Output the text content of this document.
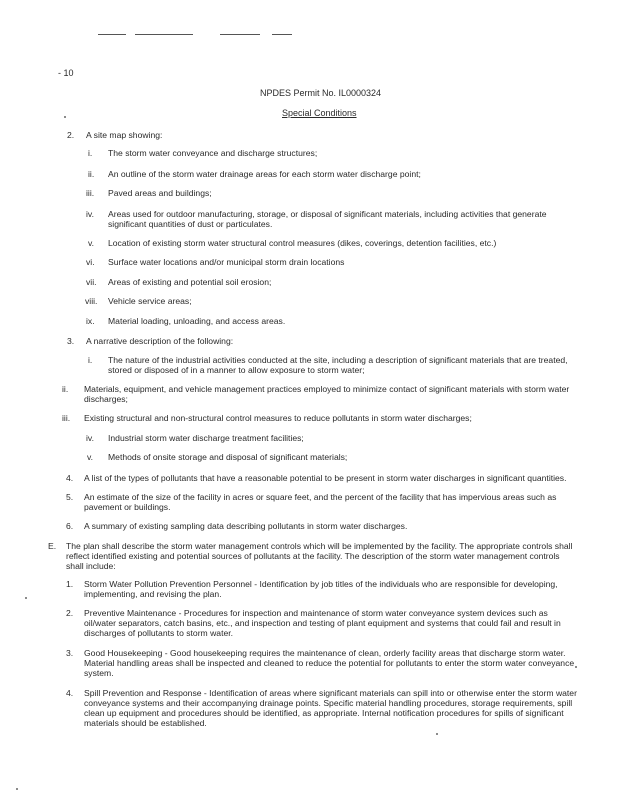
- 10
NPDES Permit No. IL0000324
Special Conditions
2. A site map showing:
i. The storm water conveyance and discharge structures;
ii. An outline of the storm water drainage areas for each storm water discharge point;
iii. Paved areas and buildings;
iv. Areas used for outdoor manufacturing, storage, or disposal of significant materials, including activities that generate
significant quantities of dust or particulates.
v. Location of existing storm water structural control measures (dikes, coverings, detention facilities, etc.)
vi. Surface water locations and/or municipal storm drain locations
vii. Areas of existing and potential soil erosion;
viii. Vehicle service areas;
ix. Material loading, unloading, and access areas.
3. A narrative description of the following:
i. The nature of the industrial activities conducted at the site, including a description of significant materials that are treated,
stored or disposed of in a manner to allow exposure to storm water;
ii. Materials, equipment, and vehicle management practices employed to minimize contact of significant materials with storm water
discharges;
iii. Existing structural and non-structural control measures to reduce pollutants in storm water discharges;
iv. Industrial storm water discharge treatment facilities;
v. Methods of onsite storage and disposal of significant materials;
4. A list of the types of pollutants that have a reasonable potential to be present in storm water discharges in significant quantities.
5. An estimate of the size of the facility in acres or square feet, and the percent of the facility that has impervious areas such as
pavement or buildings.
6. A summary of existing sampling data describing pollutants in storm water discharges.
E. The plan shall describe the storm water management controls which will be implemented by the facility. The appropriate controls shall
reflect identified existing and potential sources of pollutants at the facility. The description of the storm water management controls
shall include:
1. Storm Water Pollution Prevention Personnel - Identification by job titles of the individuals who are responsible for developing,
implementing, and revising the plan.
2. Preventive Maintenance - Procedures for inspection and maintenance of storm water conveyance system devices such as
oil/water separators, catch basins, etc., and inspection and testing of plant equipment and systems that could fail and result in
discharges of pollutants to storm water.
3. Good Housekeeping - Good housekeeping requires the maintenance of clean, orderly facility areas that discharge storm water.
Material handling areas shall be inspected and cleaned to reduce the potential for pollutants to enter the storm water conveyance
system.
4. Spill Prevention and Response - Identification of areas where significant materials can spill into or otherwise enter the storm water
conveyance systems and their accompanying drainage points. Specific material handling procedures, storage requirements, spill
clean up equipment and procedures should be identified, as appropriate. Internal notification procedures for spills of significant
materials should be established.
